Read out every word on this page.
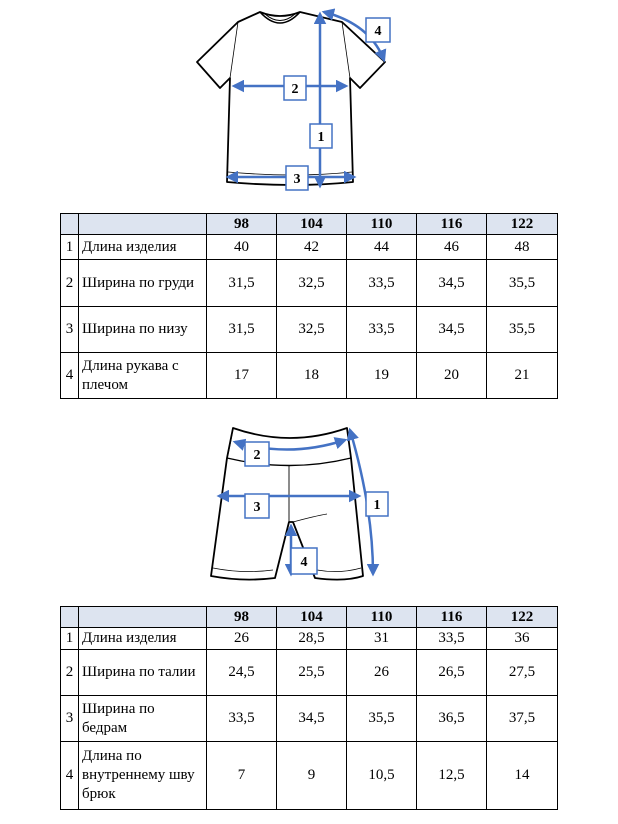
1
2
3
4
		98	104	110	116	122
1	Длина изделия	40	42	44	46	48
2	Ширина по груди	31,5	32,5	33,5	34,5	35,5
3	Ширина по низу	31,5	32,5	33,5	34,5	35,5
4	Длина рукава с плечом	17	18	19	20	21
1
2
3
4
		98	104	110	116	122
1	Длина изделия	26	28,5	31	33,5	36
2	Ширина по талии	24,5	25,5	26	26,5	27,5
3	Ширина по бедрам	33,5	34,5	35,5	36,5	37,5
4	Длина по внутреннему шву брюк	7	9	10,5	12,5	14
